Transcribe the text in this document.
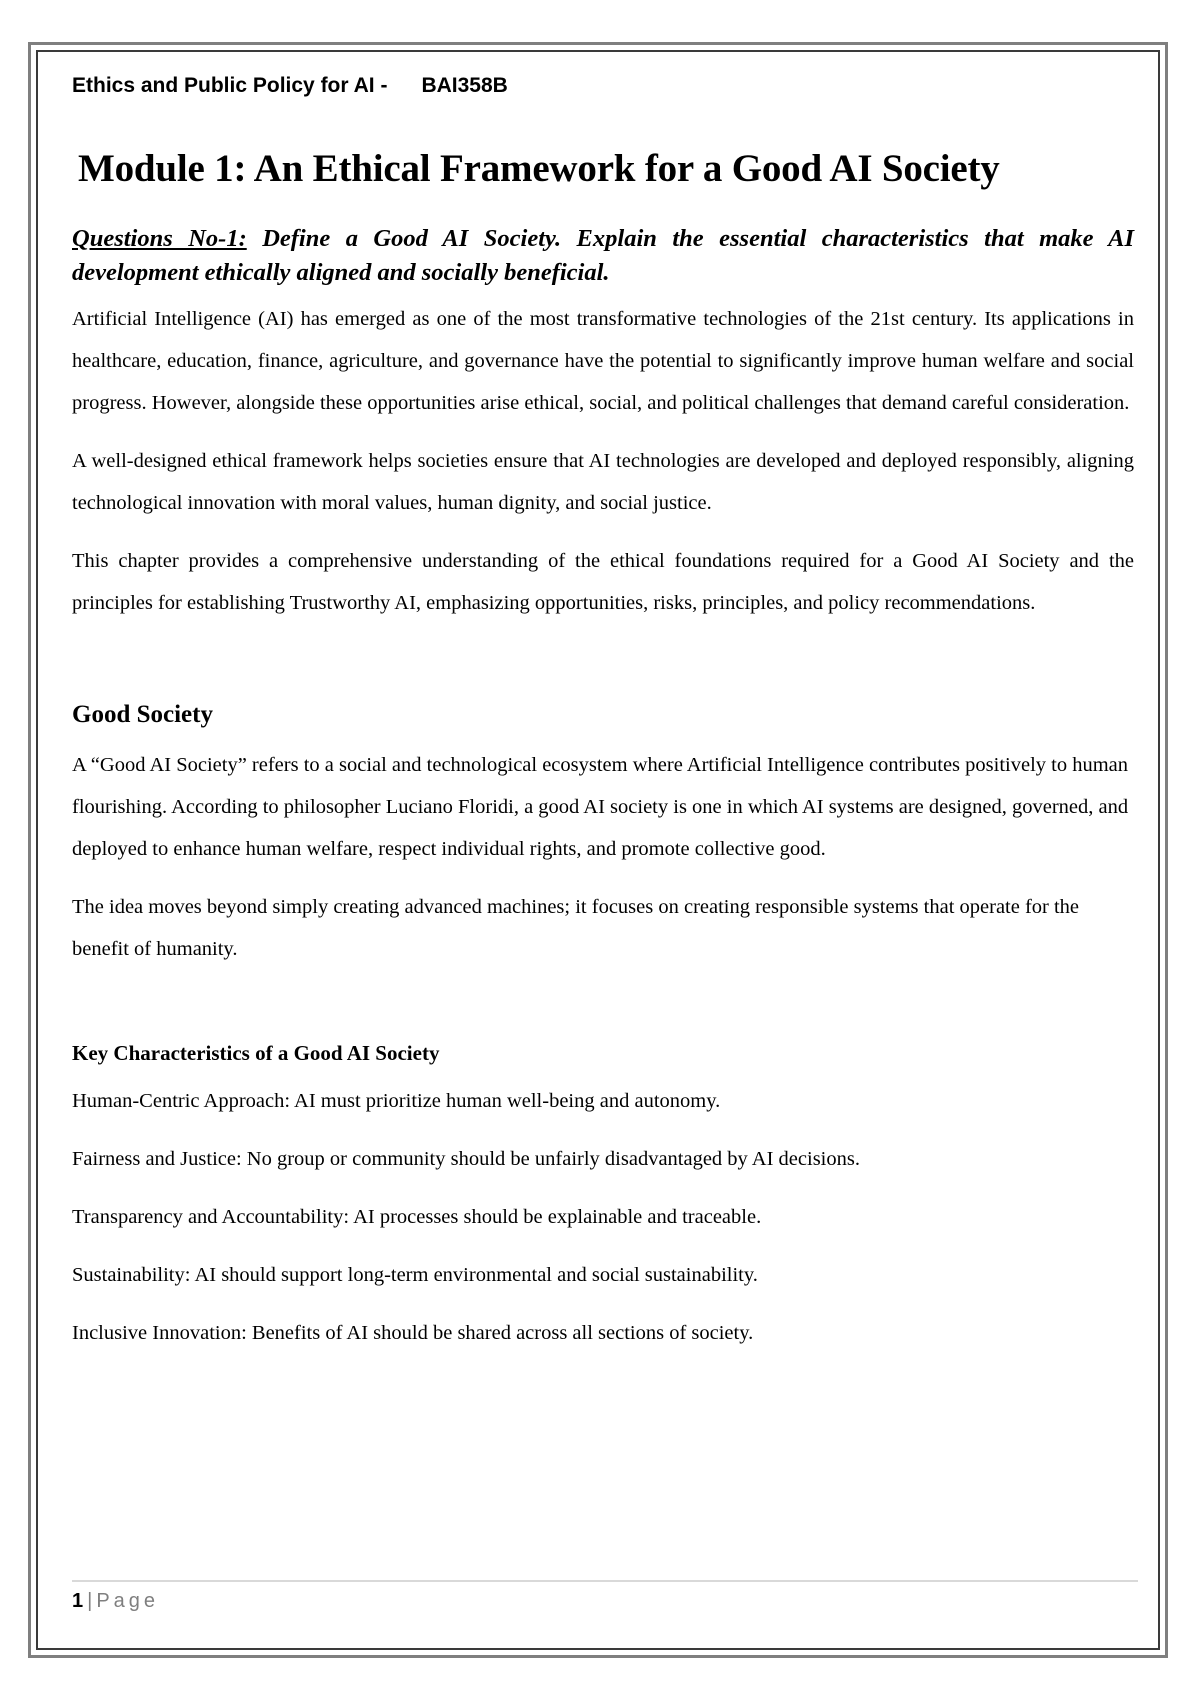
Ethics and Public Policy for AI - BAI358B
Module 1: An Ethical Framework for a Good AI Society
Questions No-1: Define a Good AI Society. Explain the essential characteristics that make AI development ethically aligned and socially beneficial.

Artificial Intelligence (AI) has emerged as one of the most transformative technologies of the 21st century. Its applications in healthcare, education, finance, agriculture, and governance have the potential to significantly improve human welfare and social progress. However, alongside these opportunities arise ethical, social, and political challenges that demand careful consideration.

A well-designed ethical framework helps societies ensure that AI technologies are developed and deployed responsibly, aligning technological innovation with moral values, human dignity, and social justice.

This chapter provides a comprehensive understanding of the ethical foundations required for a Good AI Society and the principles for establishing Trustworthy AI, emphasizing opportunities, risks, principles, and policy recommendations.

Good Society

A “Good AI Society” refers to a social and technological ecosystem where Artificial Intelligence contributes positively to human flourishing. According to philosopher Luciano Floridi, a good AI society is one in which AI systems are designed, governed, and deployed to enhance human welfare, respect individual rights, and promote collective good.

The idea moves beyond simply creating advanced machines; it focuses on creating responsible systems that operate for the benefit of humanity.

Key Characteristics of a Good AI Society

Human-Centric Approach: AI must prioritize human well-being and autonomy.

Fairness and Justice: No group or community should be unfairly disadvantaged by AI decisions.

Transparency and Accountability: AI processes should be explainable and traceable.

Sustainability: AI should support long-term environmental and social sustainability.

Inclusive Innovation: Benefits of AI should be shared across all sections of society.

1 | Page
